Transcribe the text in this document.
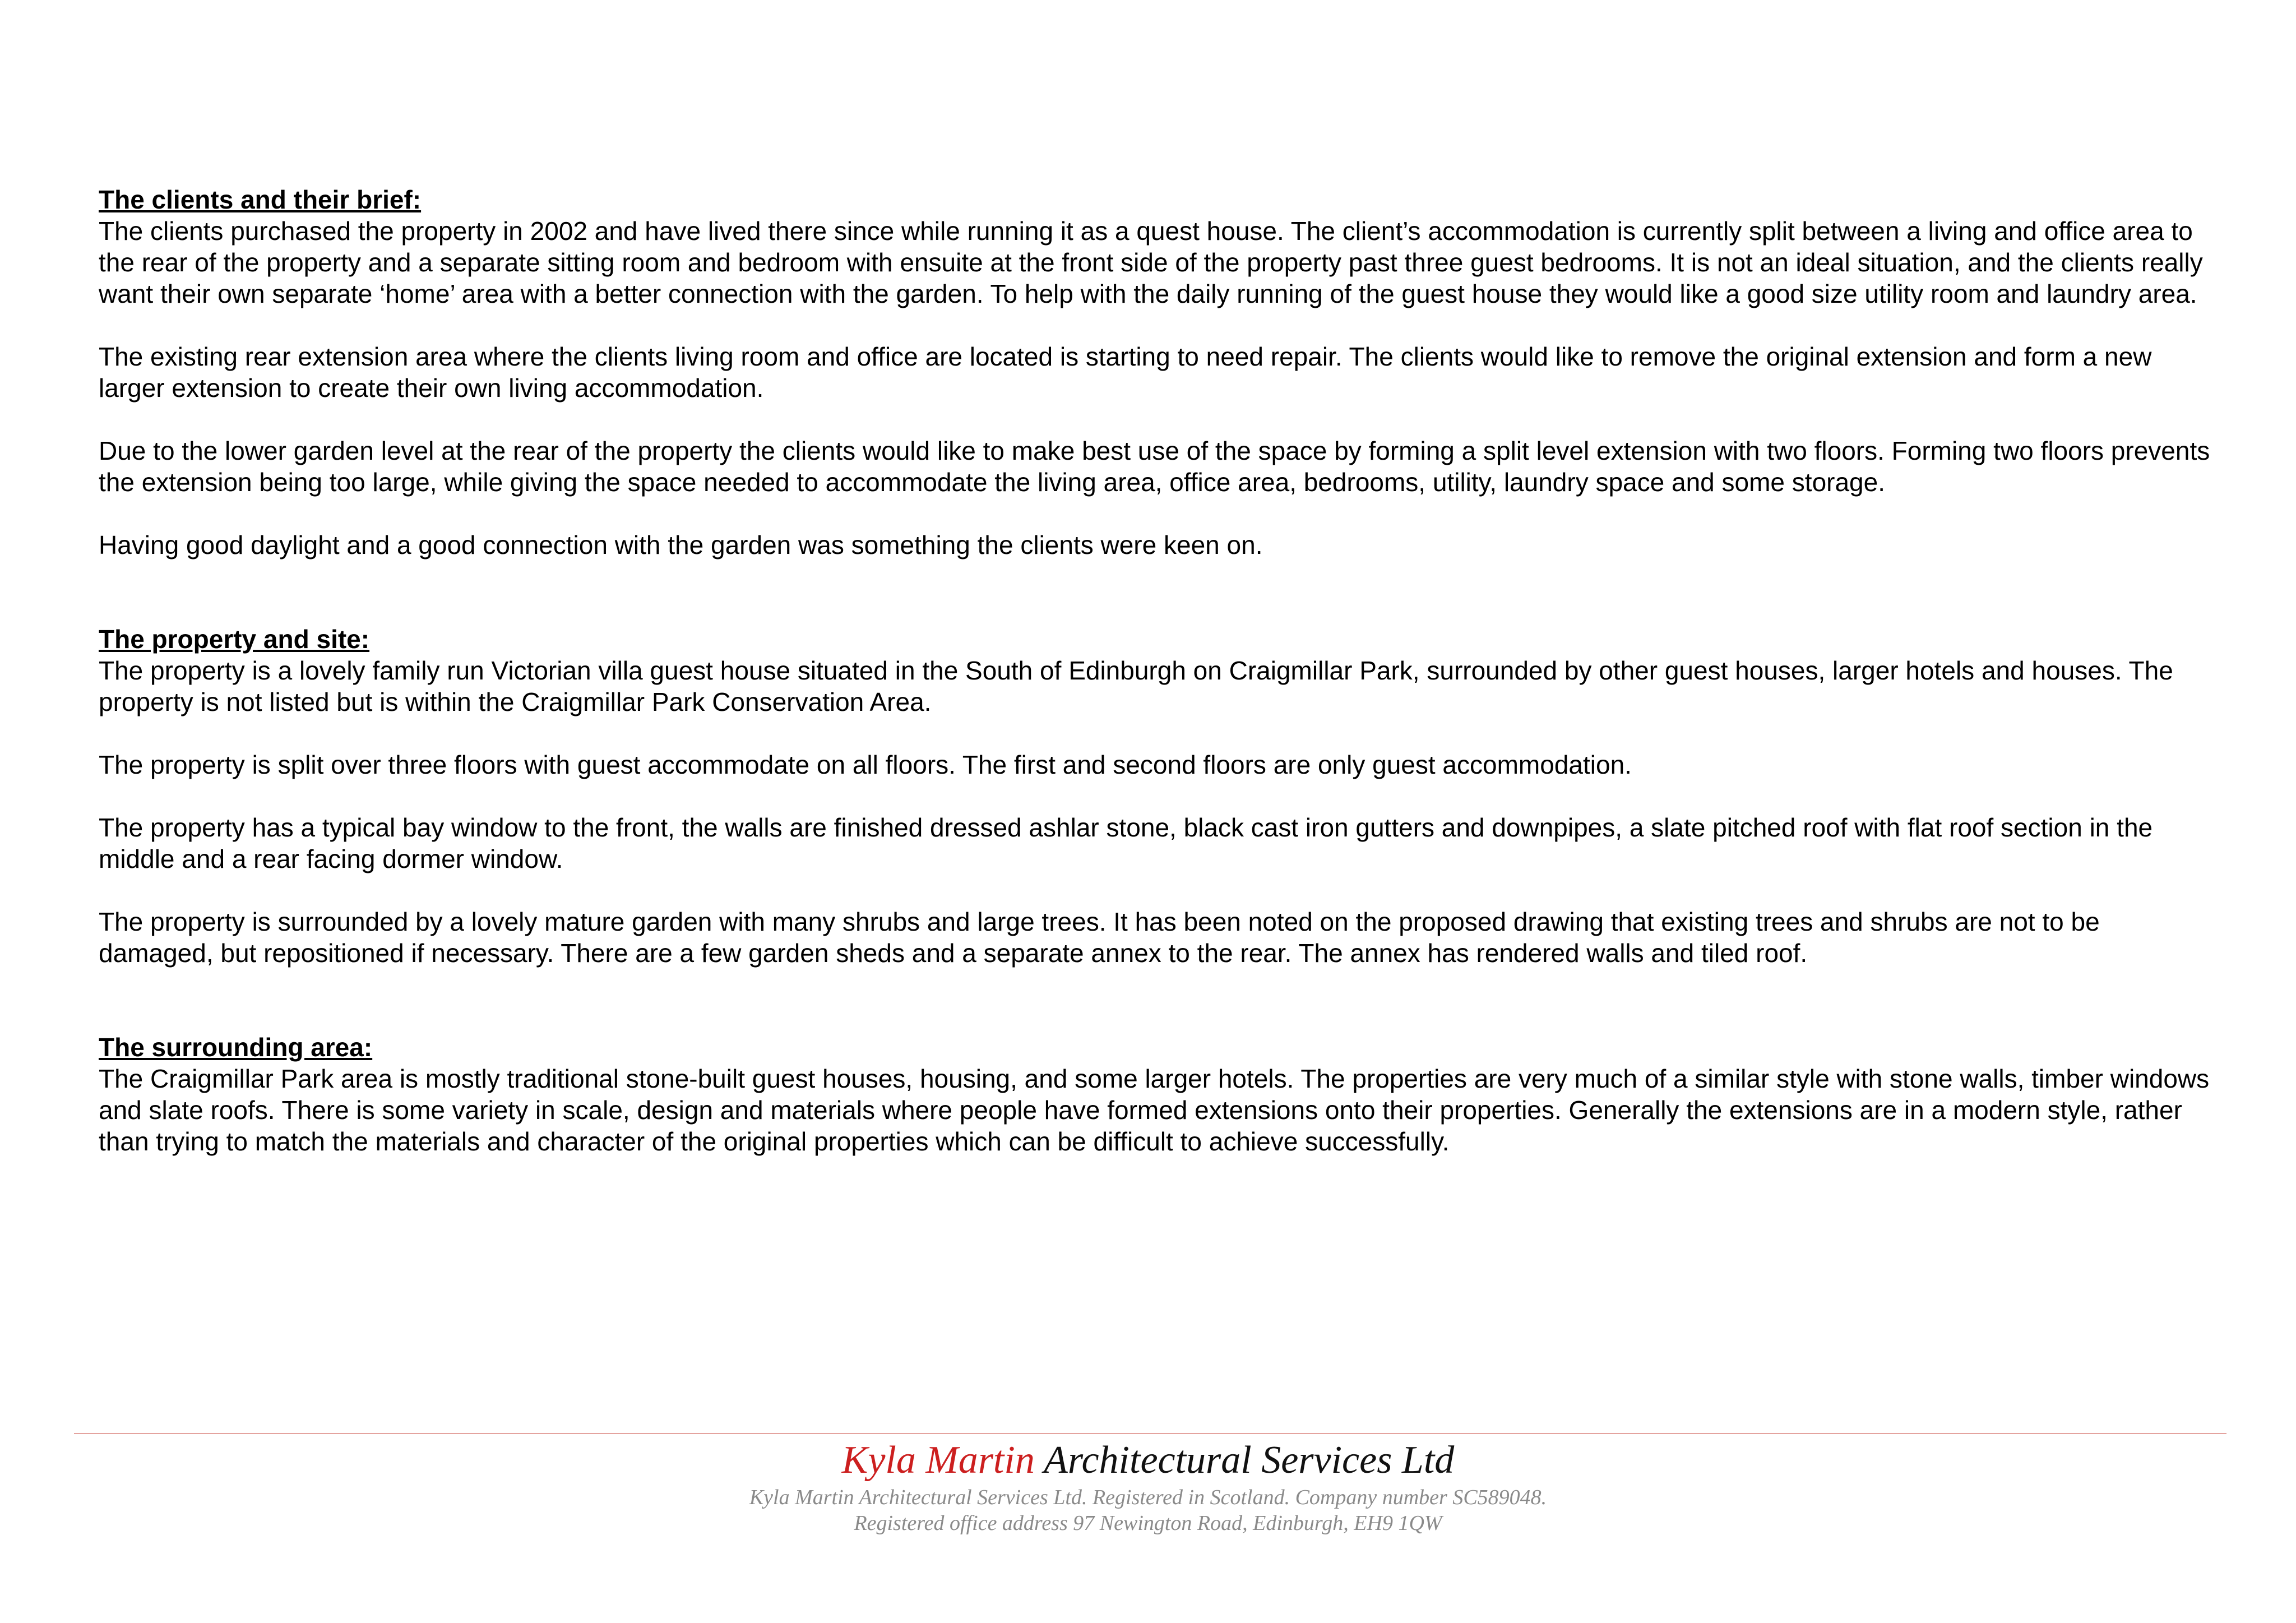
The clients and their brief:

The clients purchased the property in 2002 and have lived there since while running it as a quest house. The client’s accommodation is currently split between a living and office area to the rear of the property and a separate sitting room and bedroom with ensuite at the front side of the property past three guest bedrooms. It is not an ideal situation, and the clients really want their own separate ‘home’ area with a better connection with the garden. To help with the daily running of the guest house they would like a good size utility room and laundry area.

The existing rear extension area where the clients living room and office are located is starting to need repair. The clients would like to remove the original extension and form a new larger extension to create their own living accommodation.

Due to the lower garden level at the rear of the property the clients would like to make best use of the space by forming a split level extension with two floors. Forming two floors prevents the extension being too large, while giving the space needed to accommodate the living area, office area, bedrooms, utility, laundry space and some storage.

Having good daylight and a good connection with the garden was something the clients were keen on.

The property and site:

The property is a lovely family run Victorian villa guest house situated in the South of Edinburgh on Craigmillar Park, surrounded by other guest houses, larger hotels and houses. The property is not listed but is within the Craigmillar Park Conservation Area.

The property is split over three floors with guest accommodate on all floors. The first and second floors are only guest accommodation.

The property has a typical bay window to the front, the walls are finished dressed ashlar stone, black cast iron gutters and downpipes, a slate pitched roof with flat roof section in the middle and a rear facing dormer window.

The property is surrounded by a lovely mature garden with many shrubs and large trees. It has been noted on the proposed drawing that existing trees and shrubs are not to be damaged, but repositioned if necessary. There are a few garden sheds and a separate annex to the rear. The annex has rendered walls and tiled roof.

The surrounding area:

The Craigmillar Park area is mostly traditional stone-built guest houses, housing, and some larger hotels. The properties are very much of a similar style with stone walls, timber windows and slate roofs. There is some variety in scale, design and materials where people have formed extensions onto their properties. Generally the extensions are in a modern style, rather than trying to match the materials and character of the original properties which can be difficult to achieve successfully.

Kyla Martin Architectural Services Ltd
Kyla Martin Architectural Services Ltd. Registered in Scotland. Company number SC589048.
Registered office address 97 Newington Road, Edinburgh, EH9 1QW
